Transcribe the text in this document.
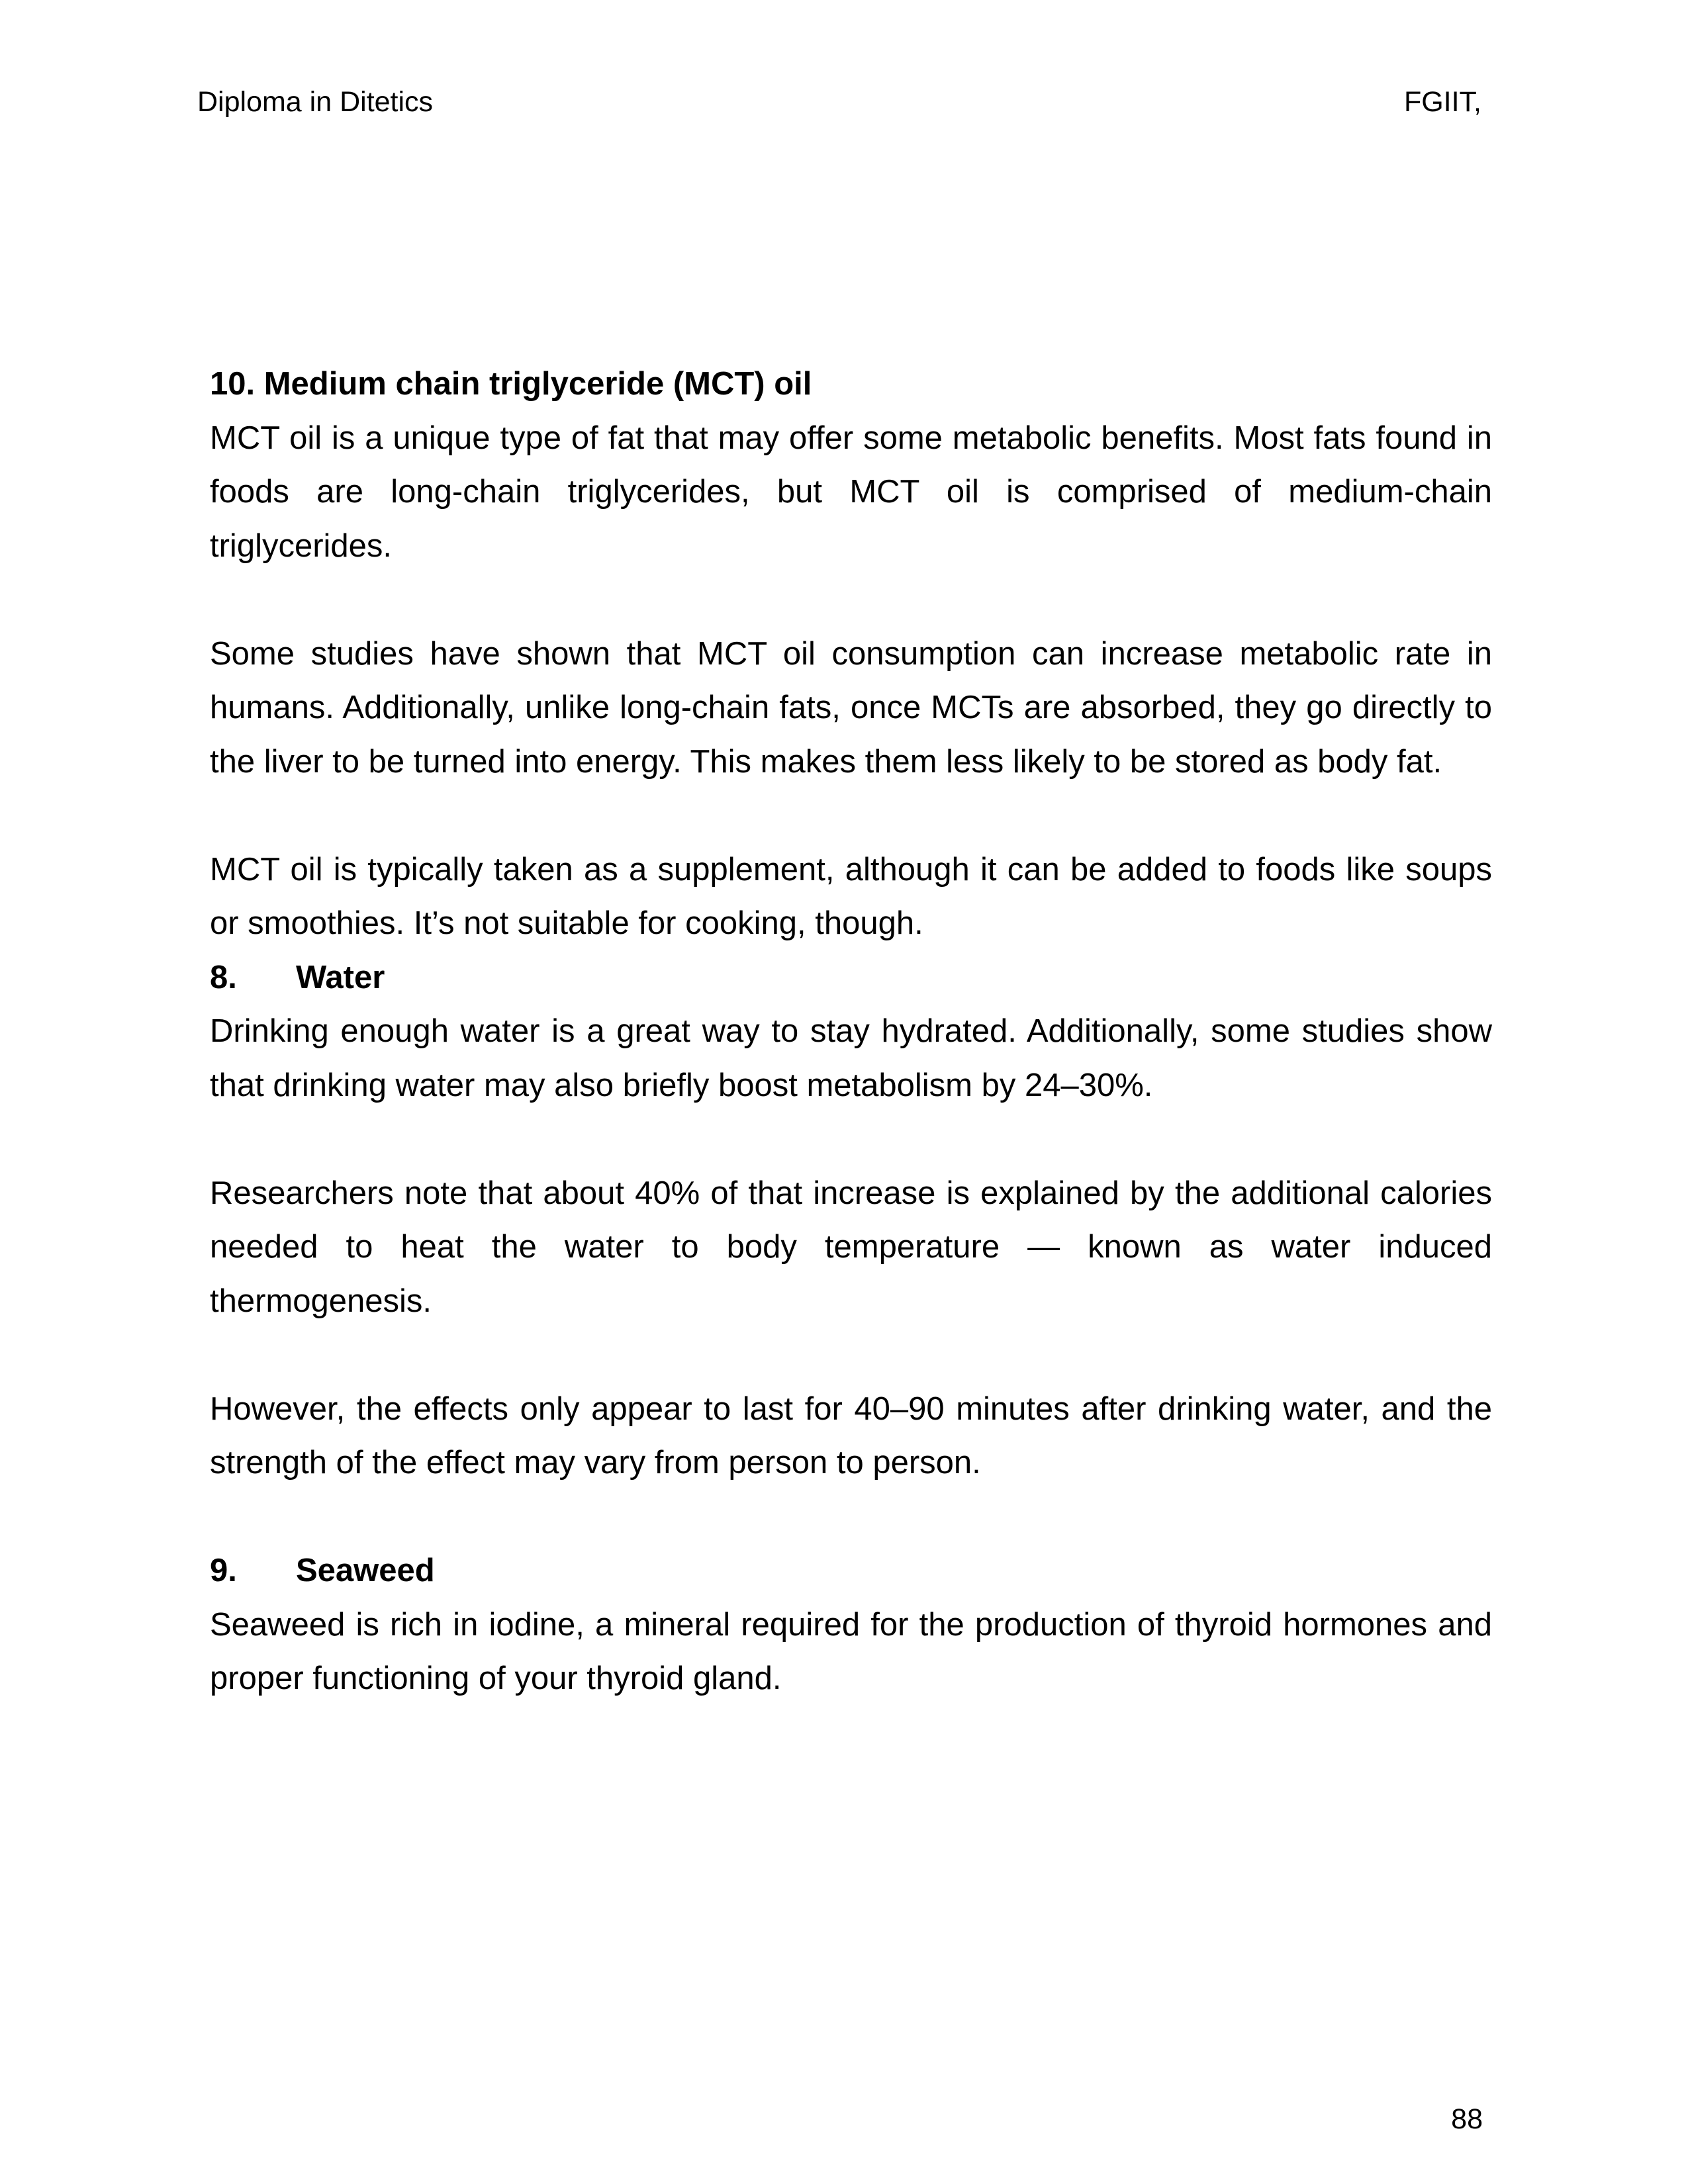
Diploma in Ditetics	FGIIT,
10. Medium chain triglyceride (MCT) oil

MCT oil is a unique type of fat that may offer some metabolic benefits. Most fats found in foods are long-chain triglycerides, but MCT oil is comprised of medium-chain triglycerides.

Some studies have shown that MCT oil consumption can increase metabolic rate in humans. Additionally, unlike long-chain fats, once MCTs are absorbed, they go directly to the liver to be turned into energy. This makes them less likely to be stored as body fat.

MCT oil is typically taken as a supplement, although it can be added to foods like soups or smoothies. It’s not suitable for cooking, though.

8. Water

Drinking enough water is a great way to stay hydrated. Additionally, some studies show that drinking water may also briefly boost metabolism by 24–30%.

Researchers note that about 40% of that increase is explained by the additional calories needed to heat the water to body temperature — known as water induced thermogenesis.

However, the effects only appear to last for 40–90 minutes after drinking water, and the strength of the effect may vary from person to person.

9. Seaweed

Seaweed is rich in iodine, a mineral required for the production of thyroid hormones and proper functioning of your thyroid gland.

88
